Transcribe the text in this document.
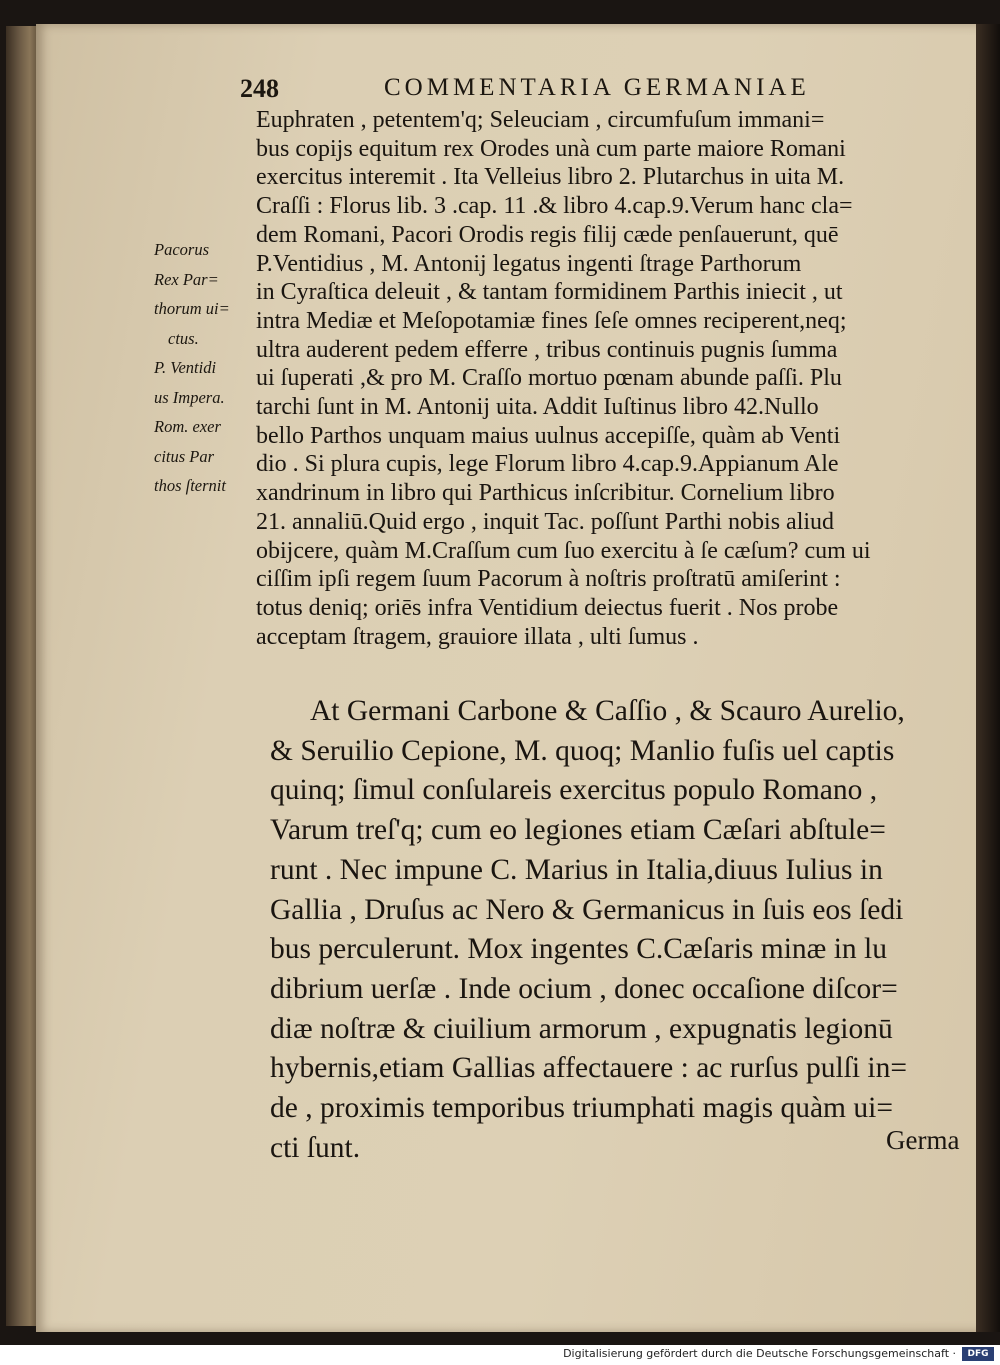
248	COMMENTARIA GERMANIAE
Euphraten , petentem'q; Seleuciam , circumfuſum immani=
bus copijs equitum rex Orodes unà cum parte maiore Romani
exercitus interemit . Ita Velleius libro 2. Plutarchus in uita M.
Craſſi : Florus lib. 3 .cap. 11 .& libro 4.cap.9.Verum hanc cla=
dem Romani, Pacori Orodis regis filij cæde penſauerunt, quē
P.Ventidius , M. Antonij legatus ingenti ſtrage Parthorum
in Cyraſtica deleuit , & tantam formidinem Parthis iniecit , ut
intra Mediæ et Meſopotamiæ fines ſeſe omnes reciperent,neq;
ultra auderent pedem efferre , tribus continuis pugnis ſumma
ui ſuperati ,& pro M. Craſſo mortuo pœnam abunde paſſi. Plu
tarchi ſunt in M. Antonij uita. Addit Iuſtinus libro 42.Nullo
bello Parthos unquam maius uulnus accepiſſe, quàm ab Venti
dio . Si plura cupis, lege Florum libro 4.cap.9.Appianum Ale
xandrinum in libro qui Parthicus inſcribitur. Cornelium libro
21. annaliū.Quid ergo , inquit Tac. poſſunt Parthi nobis aliud
obijcere, quàm M.Craſſum cum ſuo exercitu à ſe cæſum? cum ui
ciſſim ipſi regem ſuum Pacorum à noſtris proſtratū amiſerint :
totus deniq; oriēs infra Ventidium deiectus fuerit . Nos probe
acceptam ſtragem, grauiore illata , ulti ſumus .
Pacorus
Rex Par=
thorum ui=
ctus.
P. Ventidi
us Impera.
Rom. exer
citus Par
thos ſternit
At Germani Carbone & Caſſio , & Scauro Aurelio,
& Seruilio Cepione, M. quoq; Manlio fuſis uel captis
quinq; ſimul conſulareis exercitus populo Romano ,
Varum treſ'q; cum eo legiones etiam Cæſari abſtule=
runt . Nec impune C. Marius in Italia,diuus Iulius in
Gallia , Druſus ac Nero & Germanicus in ſuis eos ſedi
bus perculerunt. Mox ingentes C.Cæſaris minæ in lu
dibrium uerſæ . Inde ocium , donec occaſione diſcor=
diæ noſtræ & ciuilium armorum , expugnatis legionū
hybernis,etiam Gallias affectauere : ac rurſus pulſi in=
de , proximis temporibus triumphati magis quàm ui=
cti ſunt.	Germa
Digitalisierung gefördert durch die Deutsche Forschungsgemeinschaft ·	DFG
